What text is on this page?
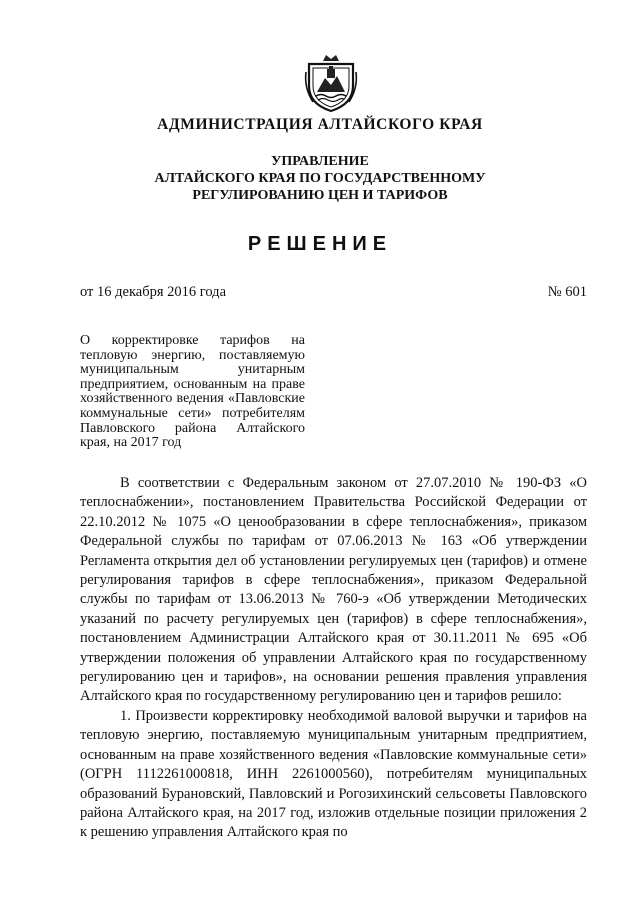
АДМИНИСТРАЦИЯ АЛТАЙСКОГО КРАЯ
УПРАВЛЕНИЕ
АЛТАЙСКОГО КРАЯ ПО ГОСУДАРСТВЕННОМУ
РЕГУЛИРОВАНИЮ ЦЕН И ТАРИФОВ
РЕШЕНИЕ
от 16 декабря 2016 года	№ 601
О корректировке тарифов на тепловую энергию, поставляемую муниципальным унитарным предприятием, основанным на праве хозяйственного ведения «Павловские коммунальные сети» потребителям Павловского района Алтайского края, на 2017 год

В соответствии с Федеральным законом от 27.07.2010 № 190-ФЗ «О теплоснабжении», постановлением Правительства Российской Федерации от 22.10.2012 № 1075 «О ценообразовании в сфере теплоснабжения», приказом Федеральной службы по тарифам от 07.06.2013 № 163 «Об утверждении Регламента открытия дел об установлении регулируемых цен (тарифов) и отмене регулирования тарифов в сфере теплоснабжения», приказом Федеральной службы по тарифам от 13.06.2013 № 760-э «Об утверждении Методических указаний по расчету регулируемых цен (тарифов) в сфере теплоснабжения», постановлением Администрации Алтайского края от 30.11.2011 № 695 «Об утверждении положения об управлении Алтайского края по государственному регулированию цен и тарифов», на основании решения правления управления Алтайского края по государственному регулированию цен и тарифов решило:

1. Произвести корректировку необходимой валовой выручки и тарифов на тепловую энергию, поставляемую муниципальным унитарным предприятием, основанным на праве хозяйственного ведения «Павловские коммунальные сети» (ОГРН 1112261000818, ИНН 2261000560), потребителям муниципальных образований Бурановский, Павловский и Рогозихинский сельсоветы Павловского района Алтайского края, на 2017 год, изложив отдельные позиции приложения 2 к решению управления Алтайского края по
